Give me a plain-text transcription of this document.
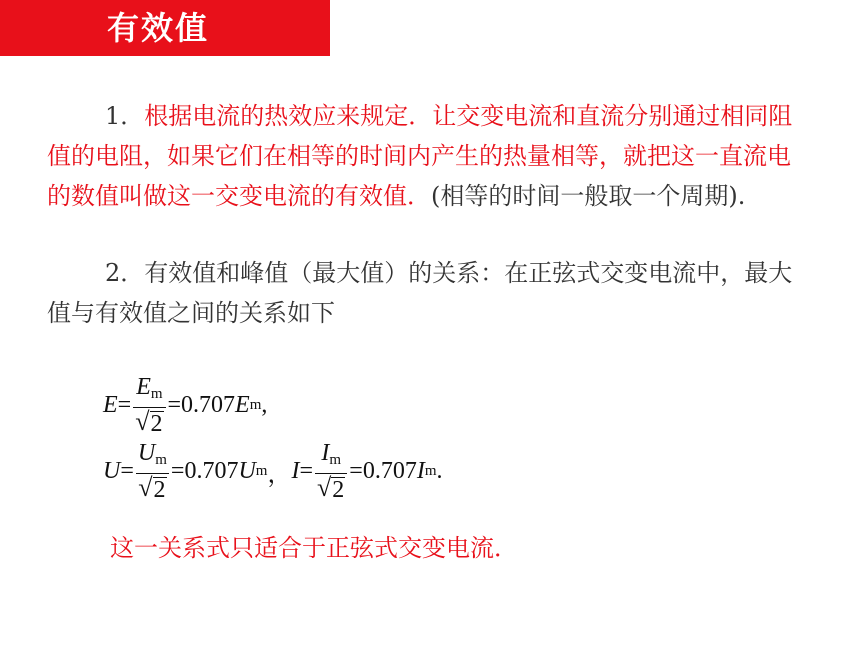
有效值
1．根据电流的热效应来规定．让交变电流和直流分别通过相同阻值的电阻，如果它们在相等的时间内产生的热量相等，就把这一直流电的数值叫做这一交变电流的有效值．(相等的时间一般取一个周期).
2．有效值和峰值（最大值）的关系：在正弦式交变电流中，最大值与有效值之间的关系如下
$E = \frac{E_m}{√ 2} = 0.707$ E m ,
$U = \frac{U_m}{√ 2} = 0.707$ U m ， $I = \frac{I_m}{√ 2} = 0.707$ I m .
这一关系式只适合于正弦式交变电流．
